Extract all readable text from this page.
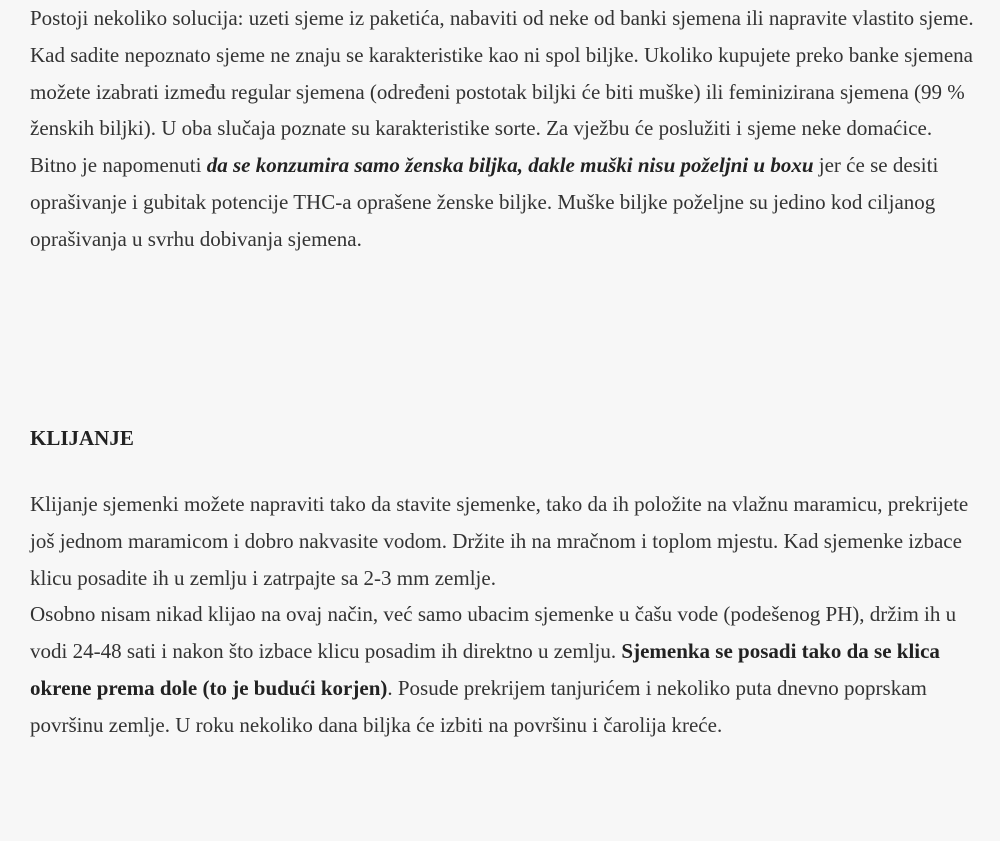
Postoji nekoliko solucija: uzeti sjeme iz paketića, nabaviti od neke od banki sjemena ili napravite vlastito sjeme. Kad sadite nepoznato sjeme ne znaju se karakteristike kao ni spol biljke. Ukoliko kupujete preko banke sjemena možete izabrati između regular sjemena (određeni postotak biljki će biti muške) ili feminizirana sjemena (99 % ženskih biljki). U oba slučaja poznate su karakteristike sorte. Za vježbu će poslužiti i sjeme neke domaćice. Bitno je napomenuti da se konzumira samo ženska biljka, dakle muški nisu poželjni u boxu jer će se desiti oprašivanje i gubitak potencije THC-a oprašene ženske biljke. Muške biljke poželjne su jedino kod ciljanog oprašivanja u svrhu dobivanja sjemena.

KLIJANJE

Klijanje sjemenki možete napraviti tako da stavite sjemenke, tako da ih položite na vlažnu maramicu, prekrijete još jednom maramicom i dobro nakvasite vodom. Držite ih na mračnom i toplom mjestu. Kad sjemenke izbace klicu posadite ih u zemlju i zatrpajte sa 2-3 mm zemlje.
Osobno nisam nikad klijao na ovaj način, već samo ubacim sjemenke u čašu vode (podešenog PH), držim ih u vodi 24-48 sati i nakon što izbace klicu posadim ih direktno u zemlju. Sjemenka se posadi tako da se klica okrene prema dole (to je budući korjen). Posude prekrijem tanjurićem i nekoliko puta dnevno poprskam površinu zemlje. U roku nekoliko dana biljka će izbiti na površinu i čarolija kreće.
